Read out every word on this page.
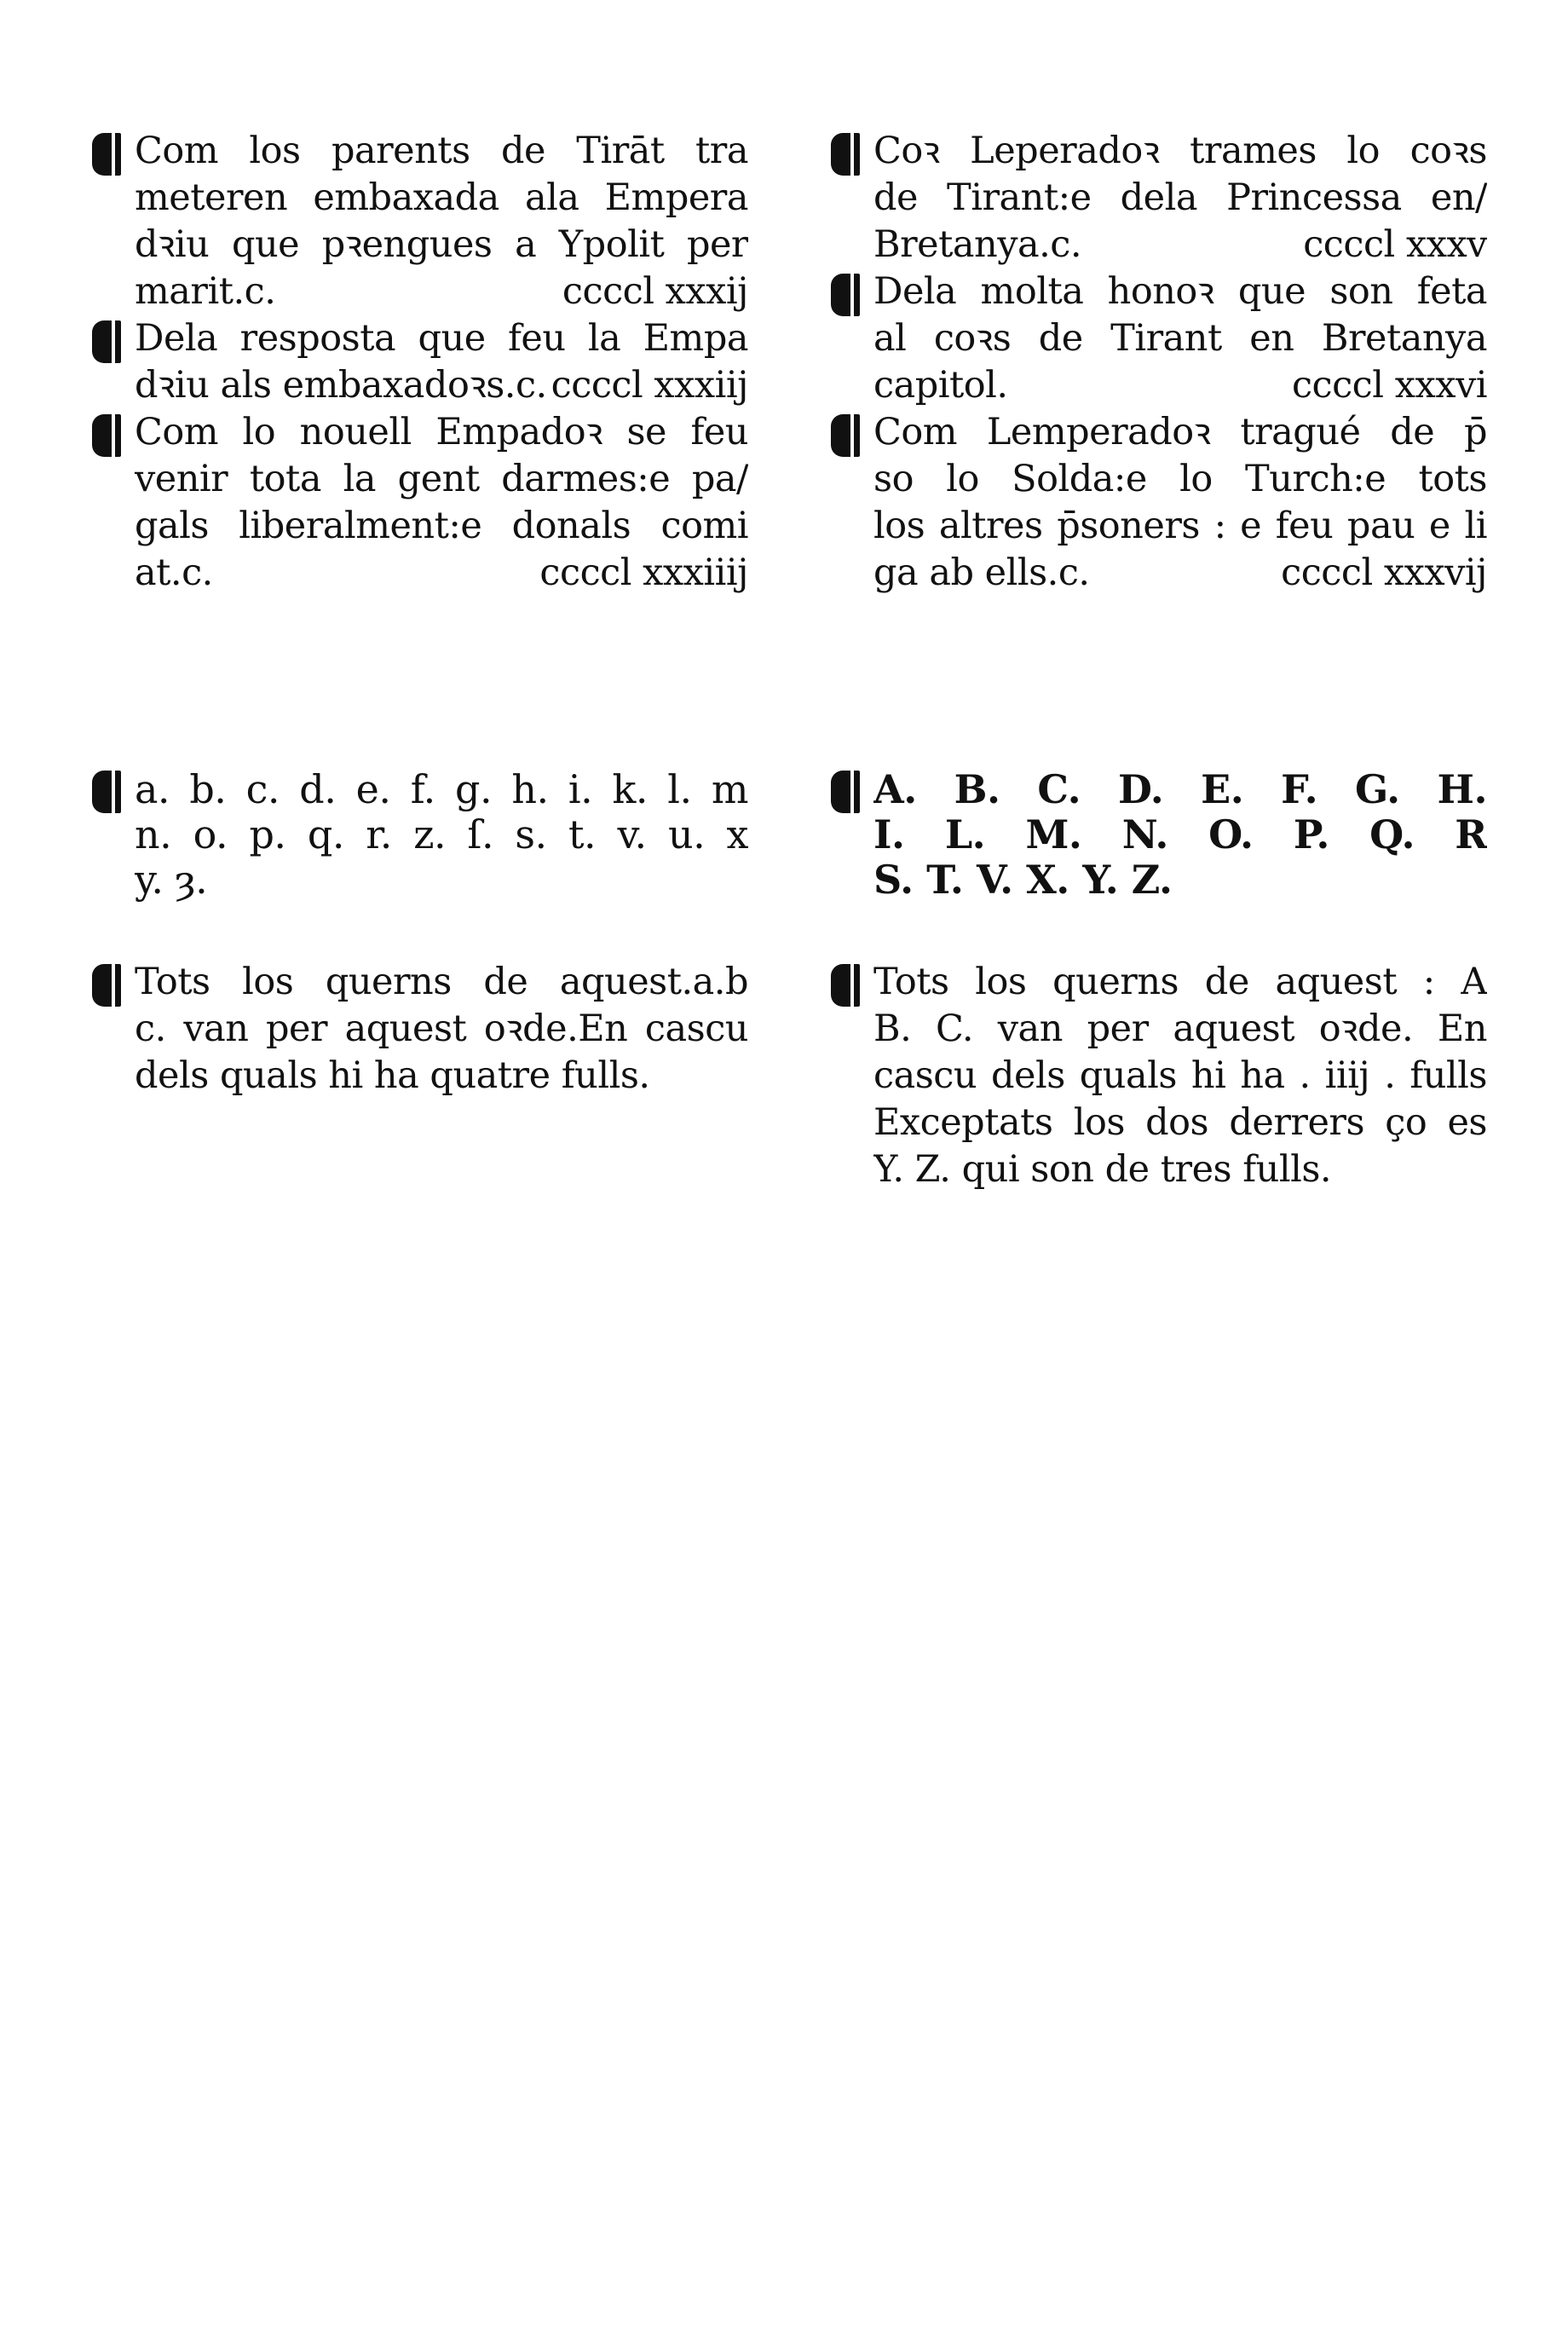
Com los parents de Tirāt tra
meteren embaxada ala Empera
dꝛiu que pꝛengues a Ypolit per
marit.c.	ccccl xxxij
Dela resposta que feu la Empa
dꝛiu als embaxadoꝛs.c. ccccl xxxiij
Com lo nouell Empadoꝛ se feu
venir tota la gent darmes:e pa/
gals liberalment:e donals comi
at.c.	ccccl xxxiiij
a. b. c. d. e. f. g. h. i. k. l. m
n. o. p. q. r. z. ſ. s. t. v. u. x
y. ȝ.
Tots los querns de aquest.a.b
c. van per aquest oꝛde.En cascu
dels quals hi ha quatre fulls.
Coꝛ Leperadoꝛ trames lo coꝛs
de Tirant:e dela Princessa en/
Bretanya.c.	ccccl xxxv
Dela molta honoꝛ que son feta
al coꝛs de Tirant en Bretanya
capitol.	ccccl xxxvi
Com Lemperadoꝛ tragué de p̄
so lo Solda:e lo Turch:e tots
los altres p̄soners : e feu pau e li
ga ab ells.c.	ccccl xxxvij
A. B. C. D. E. F. G. H.
I. L. M. N. O. P. Q. R
S. T. V. X. Y. Z.
Tots los querns de aquest : A
B. C. van per aquest oꝛde. En
cascu dels quals hi ha . iiij . fulls
Exceptats los dos derrers ço es
Y. Z. qui son de tres fulls.
